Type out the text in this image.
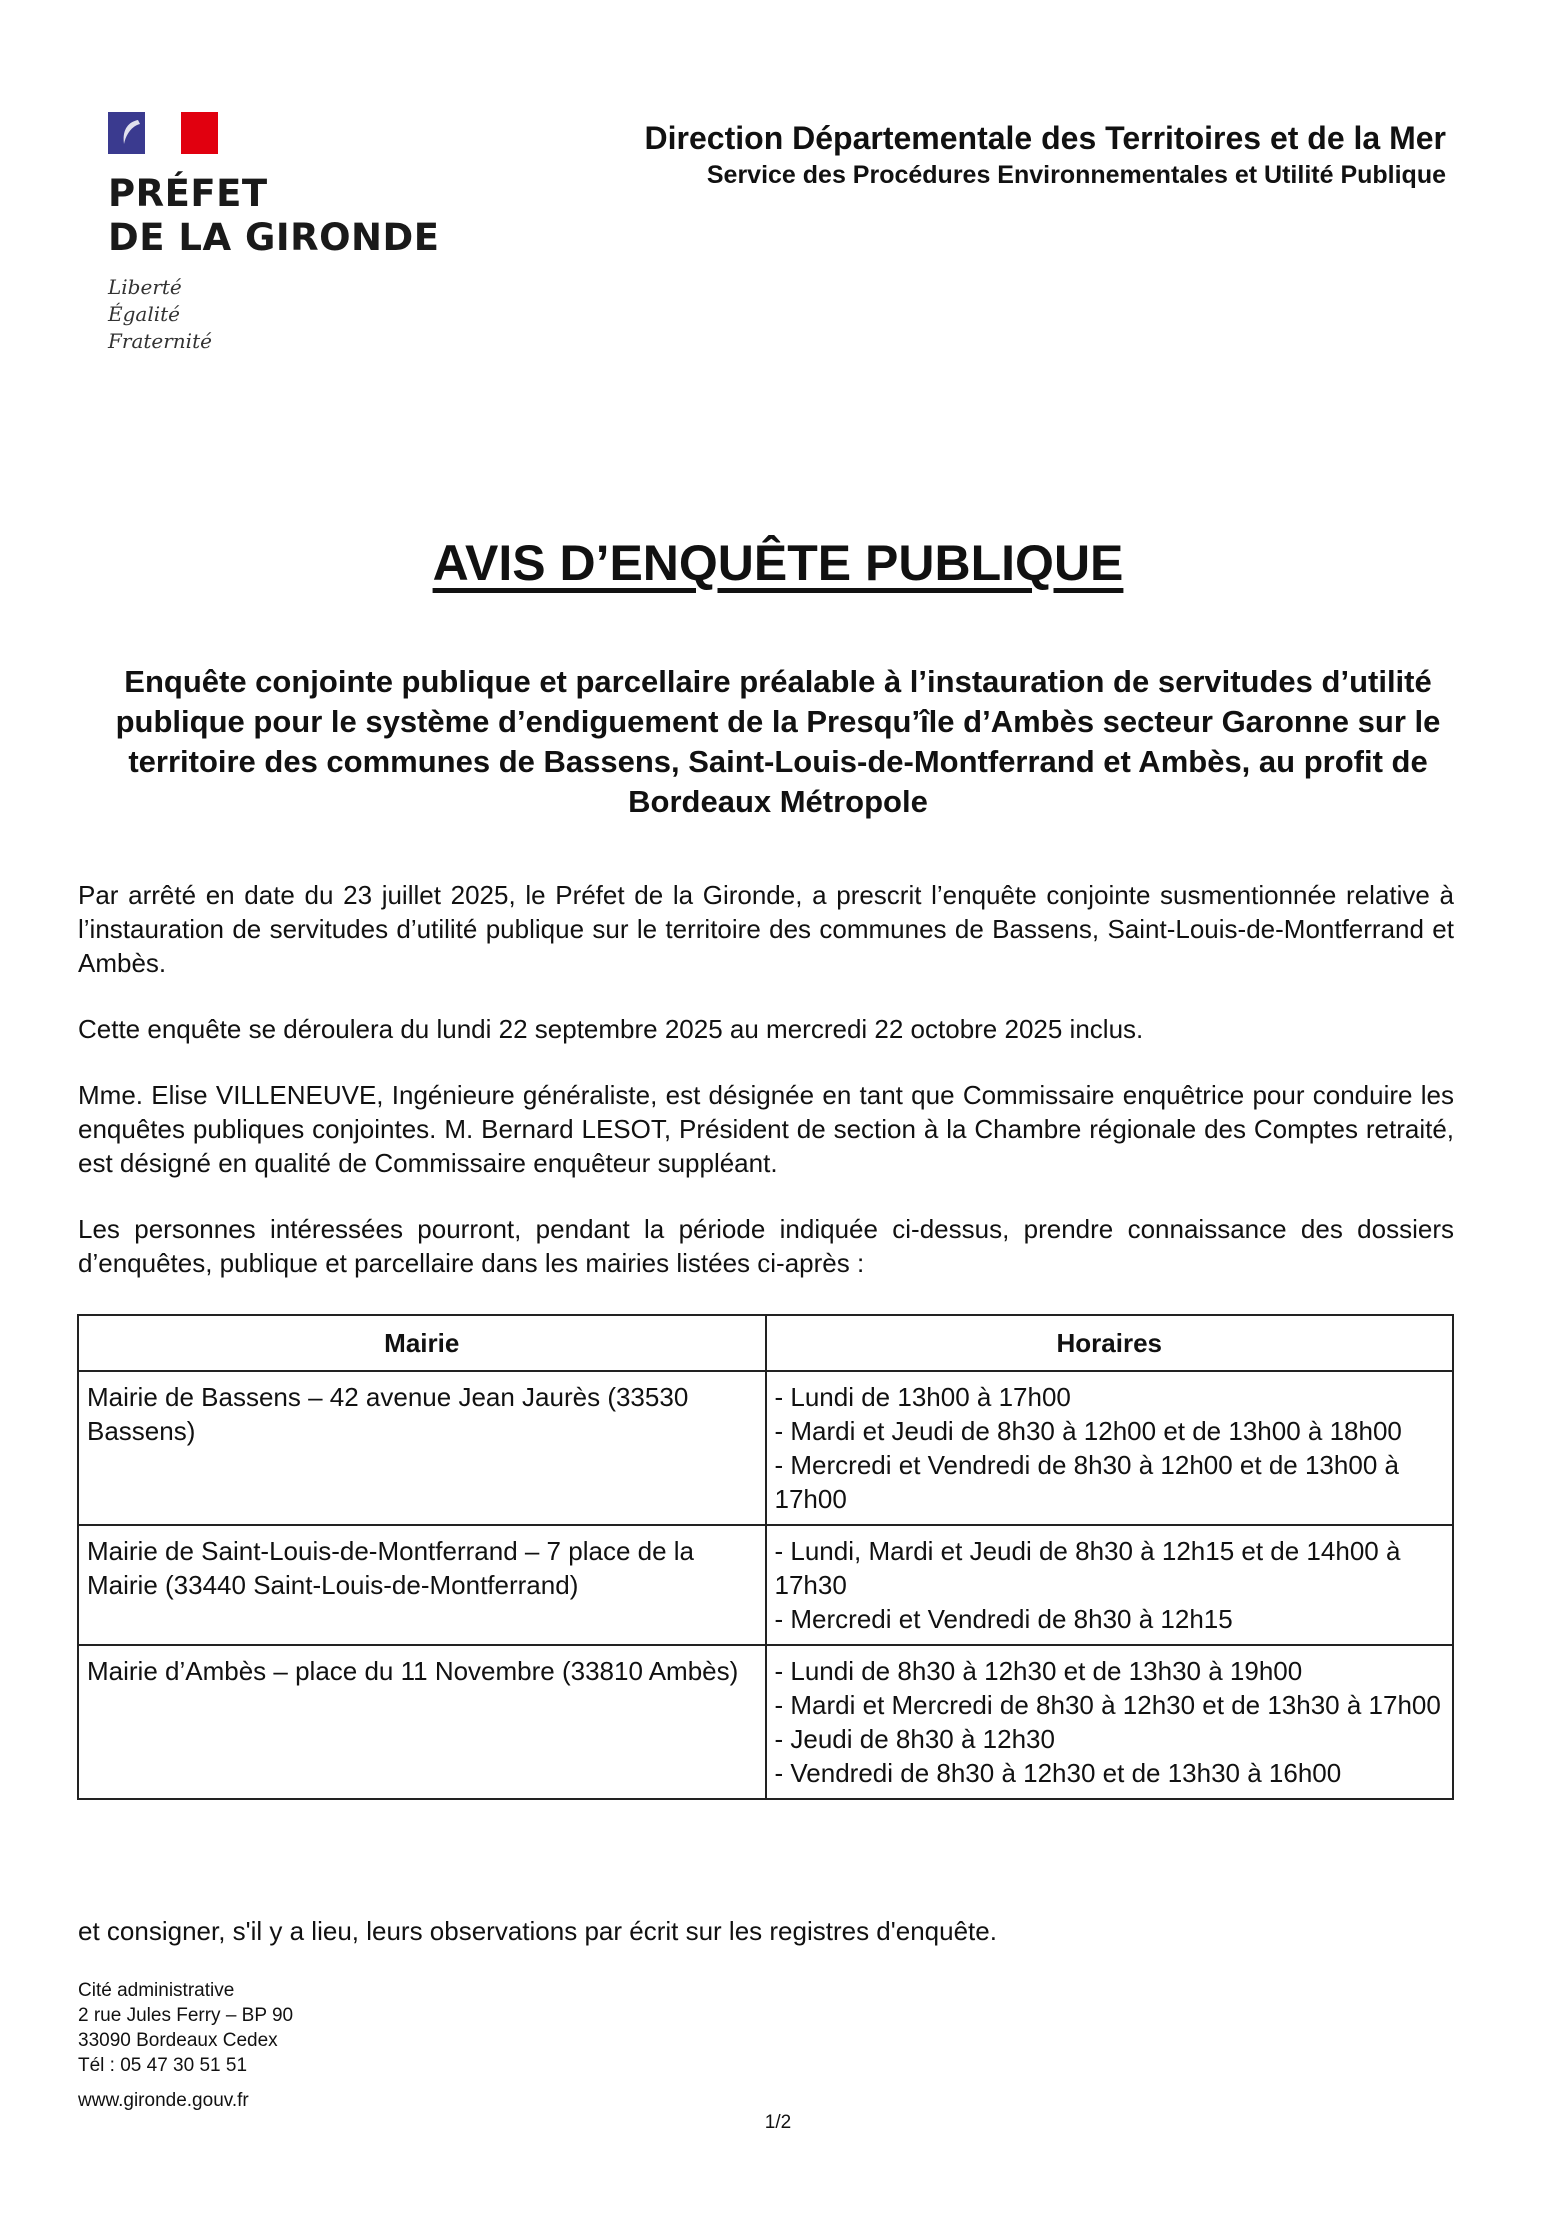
PRÉFET
DE LA GIRONDE
Liberté
Égalité
Fraternité
Direction Départementale des Territoires et de la Mer
Service des Procédures Environnementales et Utilité Publique
AVIS D’ENQUÊTE PUBLIQUE
Enquête conjointe publique et parcellaire préalable à l’instauration de servitudes d’utilité publique pour le système d’endiguement de la Presqu’île d’Ambès secteur Garonne sur le territoire des communes de Bassens, Saint-Louis-de-Montferrand et Ambès, au profit de Bordeaux Métropole

Par arrêté en date du 23 juillet 2025, le Préfet de la Gironde, a prescrit l’enquête conjointe susmentionnée relative à l’instauration de servitudes d’utilité publique sur le territoire des communes de Bassens, Saint-Louis-de-Montferrand et Ambès.

Cette enquête se déroulera du lundi 22 septembre 2025 au mercredi 22 octobre 2025 inclus.

Mme. Elise VILLENEUVE, Ingénieure généraliste, est désignée en tant que Commissaire enquêtrice pour conduire les enquêtes publiques conjointes. M. Bernard LESOT, Président de section à la Chambre régionale des Comptes retraité, est désigné en qualité de Commissaire enquêteur suppléant.

Les personnes intéressées pourront, pendant la période indiquée ci-dessus, prendre connaissance des dossiers d’enquêtes, publique et parcellaire dans les mairies listées ci-après :

Mairie	Horaires
Mairie de Bassens – 42 avenue Jean Jaurès (33530 Bassens)	- Lundi de 13h00 à 17h00
- Mardi et Jeudi de 8h30 à 12h00 et de 13h00 à 18h00
- Mercredi et Vendredi de 8h30 à 12h00 et de 13h00 à 17h00

Mairie de Saint-Louis-de-Montferrand – 7 place de la Mairie (33440 Saint-Louis-de-Montferrand)	- Lundi, Mardi et Jeudi de 8h30 à 12h15 et de 14h00 à 17h30
- Mercredi et Vendredi de 8h30 à 12h15

Mairie d’Ambès – place du 11 Novembre (33810 Ambès)	- Lundi de 8h30 à 12h30 et de 13h30 à 19h00
- Mardi et Mercredi de 8h30 à 12h30 et de 13h30 à 17h00
- Jeudi de 8h30 à 12h30
- Vendredi de 8h30 à 12h30 et de 13h30 à 16h00
et consigner, s'il y a lieu, leurs observations par écrit sur les registres d'enquête.
Cité administrative
2 rue Jules Ferry – BP 90
33090 Bordeaux Cedex
Tél : 05 47 30 51 51
www.gironde.gouv.fr
1/2
